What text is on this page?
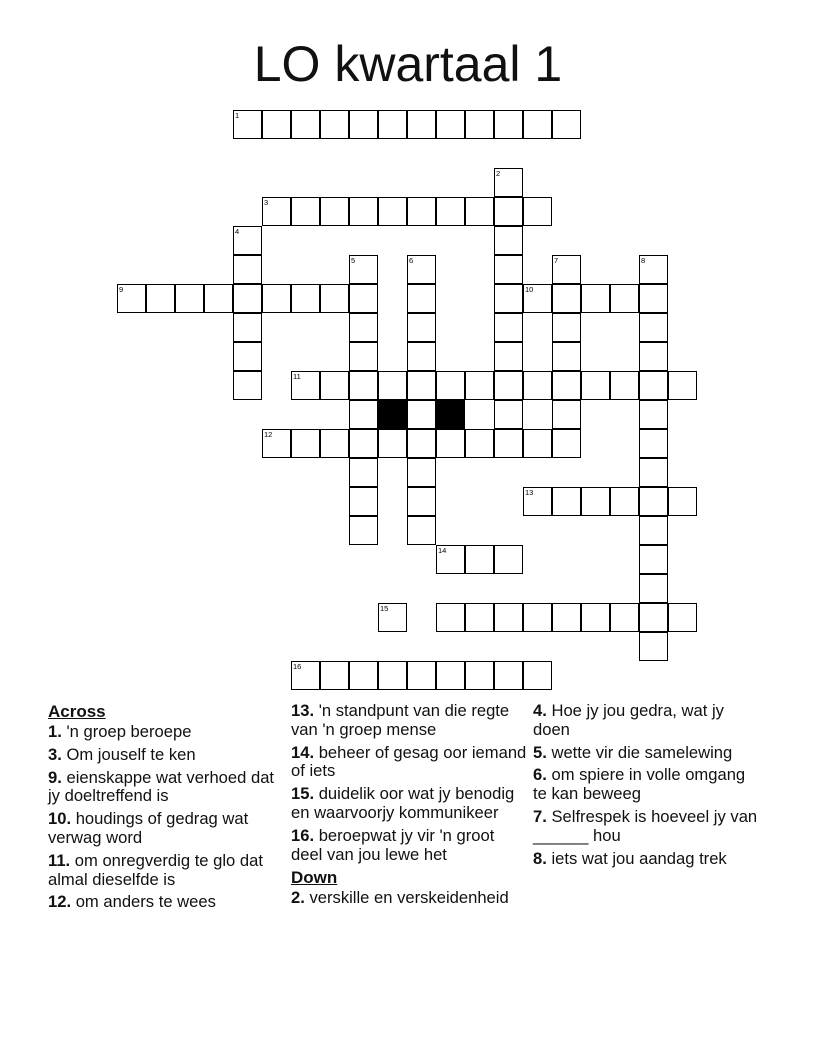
LO kwartaal 1
1
2
3
4
5	6	7	8
9	10
11
12
13
14
15
16
Across
1. 'n groep beroepe
3. Om jouself te ken
9. eienskappe wat verhoed dat jy doeltreffend is
10. houdings of gedrag wat verwag word
11. om onregverdig te glo dat almal dieselfde is
12. om anders te wees
13. 'n standpunt van die regte van 'n groep mense
14. beheer of gesag oor iemand of iets
15. duidelik oor wat jy benodig en waarvoorjy kommunikeer
16. beroepwat jy vir 'n groot deel van jou lewe het
Down
2. verskille en verskeidenheid
4. Hoe jy jou gedra, wat jy doen
5. wette vir die samelewing
6. om spiere in volle omgang te kan beweeg
7. Selfrespek is hoeveel jy van ______ hou
8. iets wat jou aandag trek
